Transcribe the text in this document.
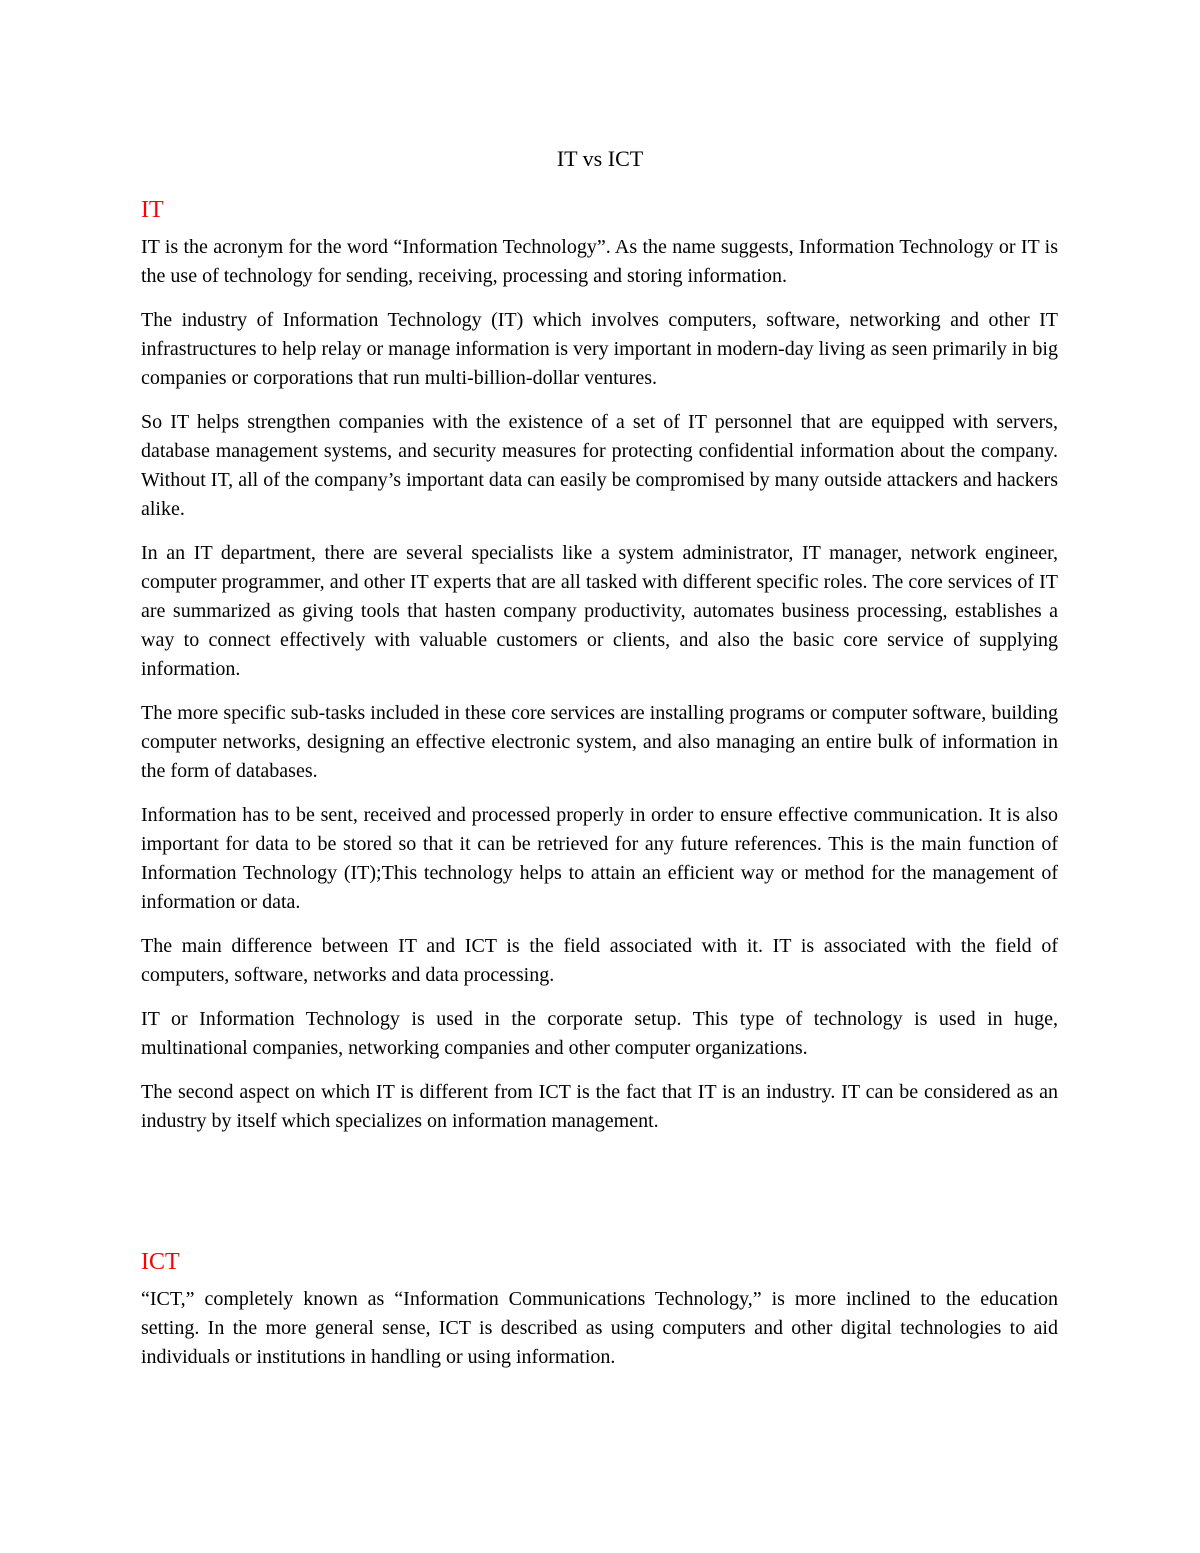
IT vs ICT
IT

IT is the acronym for the word “Information Technology”. As the name suggests, Information Technology or IT is the use of technology for sending, receiving, processing and storing information.

The industry of Information Technology (IT) which involves computers, software, networking and other IT infrastructures to help relay or manage information is very important in modern-day living as seen primarily in big companies or corporations that run multi-billion-dollar ventures.

So IT helps strengthen companies with the existence of a set of IT personnel that are equipped with servers, database management systems, and security measures for protecting confidential information about the company. Without IT, all of the company’s important data can easily be compromised by many outside attackers and hackers alike.

In an IT department, there are several specialists like a system administrator, IT manager, network engineer, computer programmer, and other IT experts that are all tasked with different specific roles. The core services of IT are summarized as giving tools that hasten company productivity, automates business processing, establishes a way to connect effectively with valuable customers or clients, and also the basic core service of supplying information.

The more specific sub-tasks included in these core services are installing programs or computer software, building computer networks, designing an effective electronic system, and also managing an entire bulk of information in the form of databases.

Information has to be sent, received and processed properly in order to ensure effective communication. It is also important for data to be stored so that it can be retrieved for any future references. This is the main function of Information Technology (IT);This technology helps to attain an efficient way or method for the management of information or data.

The main difference between IT and ICT is the field associated with it. IT is associated with the field of computers, software, networks and data processing.

IT or Information Technology is used in the corporate setup. This type of technology is used in huge, multinational companies, networking companies and other computer organizations.

The second aspect on which IT is different from ICT is the fact that IT is an industry. IT can be considered as an industry by itself which specializes on information management.

ICT

“ICT,” completely known as “Information Communications Technology,” is more inclined to the education setting. In the more general sense, ICT is described as using computers and other digital technologies to aid individuals or institutions in handling or using information.
